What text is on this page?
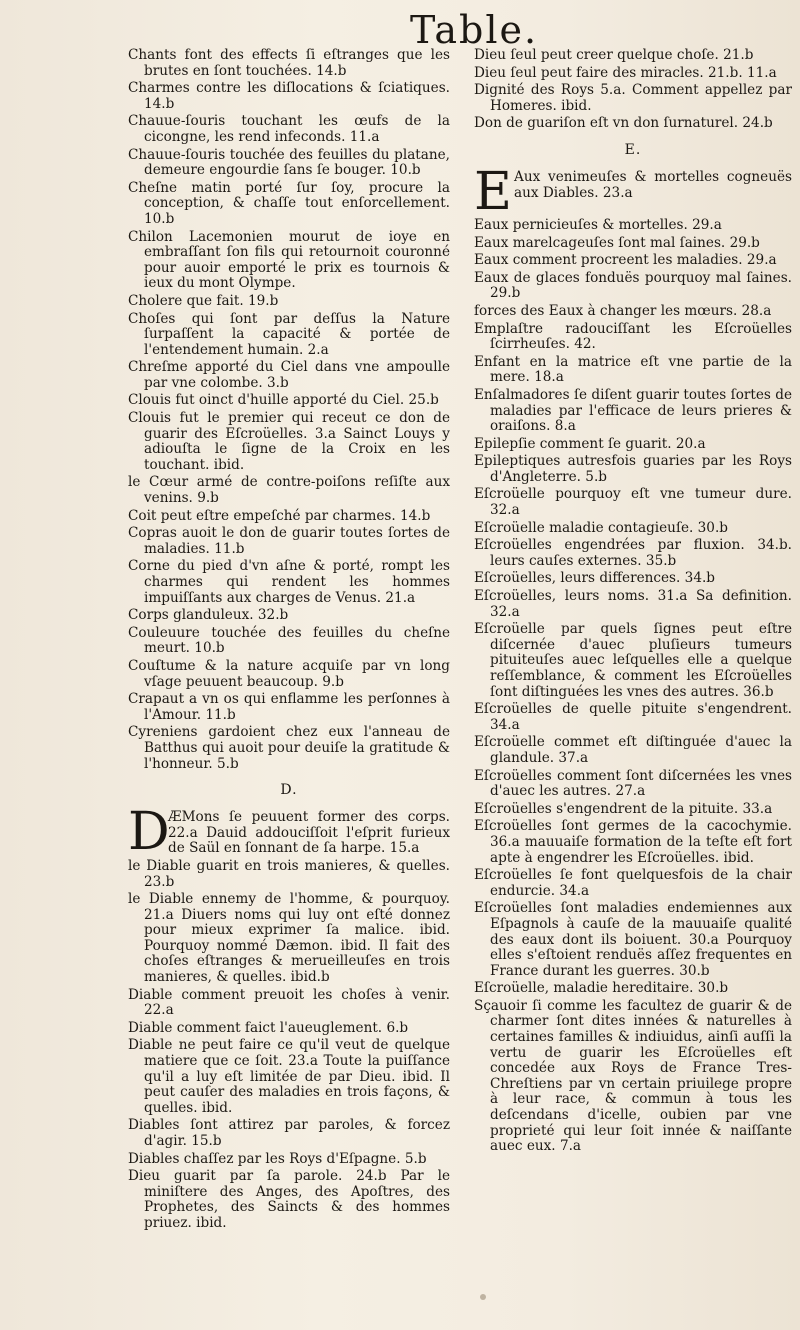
Table.
Chants font des effects ſi eſtranges que les brutes en ſont touchées. 14.b
Charmes contre les diſlocations & ſciatiques. 14.b
Chauue-ſouris touchant les œufs de la cicongne, les rend infeconds. 11.a
Chauue-ſouris touchée des feuilles du platane, demeure engourdie ſans ſe bouger. 10.b
Cheſne matin porté ſur ſoy, procure la conception, & chaſſe tout enſorcellement. 10.b
Chilon Lacemonien mourut de ioye en embraſſant ſon fils qui retournoit couronné pour auoir emporté le prix es tournois & ieux du mont Olympe.
Cholere que fait. 19.b
Choſes qui ſont par deſſus la Nature ſurpaſſent la capacité & portée de l'entendement humain. 2.a
Chreſme apporté du Ciel dans vne ampoulle par vne colombe. 3.b
Clouis fut oinct d'huille apporté du Ciel. 25.b
Clouis fut le premier qui receut ce don de guarir des Eſcroüelles. 3.a Sainct Louys y adiouſta le ſigne de la Croix en les touchant. ibid.
le Cœur armé de contre-poiſons reſiſte aux venins. 9.b
Coit peut eſtre empeſché par charmes. 14.b
Copras auoit le don de guarir toutes ſortes de maladies. 11.b
Corne du pied d'vn aſne & porté, rompt les charmes qui rendent les hommes impuiſſants aux charges de Venus. 21.a
Corps glanduleux. 32.b
Couleuure touchée des feuilles du cheſne meurt. 10.b
Couſtume & la nature acquiſe par vn long vſage peuuent beaucoup. 9.b
Crapaut a vn os qui enflamme les perſonnes à l'Amour. 11.b
Cyreniens gardoient chez eux l'anneau de Batthus qui auoit pour deuiſe la gratitude & l'honneur. 5.b
D.
D
ÆMons ſe peuuent former des corps. 22.a Dauid addouciſſoit l'eſprit furieux de Saül en ſonnant de ſa harpe. 15.a
le Diable guarit en trois manieres, & quelles. 23.b
le Diable ennemy de l'homme, & pourquoy. 21.a Diuers noms qui luy ont eſté donnez pour mieux exprimer ſa malice. ibid. Pourquoy nommé Dæmon. ibid. Il fait des choſes eſtranges & merueilleuſes en trois manieres, & quelles. ibid.b
Diable comment preuoit les choſes à venir. 22.a
Diable comment faict l'aueuglement. 6.b
Diable ne peut faire ce qu'il veut de quelque matiere que ce ſoit. 23.a Toute la puiſſance qu'il a luy eſt limitée de par Dieu. ibid. Il peut cauſer des maladies en trois façons, & quelles. ibid.
Diables ſont attirez par paroles, & forcez d'agir. 15.b
Diables chaſſez par les Roys d'Eſpagne. 5.b
Dieu guarit par ſa parole. 24.b Par le miniſtere des Anges, des Apoſtres, des Prophetes, des Saincts & des hommes priuez. ibid.
Dieu ſeul peut creer quelque choſe. 21.b
Dieu ſeul peut faire des miracles. 21.b. 11.a
Dignité des Roys 5.a. Comment appellez par Homeres. ibid.
Don de guariſon eſt vn don ſurnaturel. 24.b
E.
E Aux venimeuſes & mortelles cogneuës aux Diables. 23.a
Eaux pernicieuſes & mortelles. 29.a
Eaux marelcageuſes ſont mal ſaines. 29.b
Eaux comment procreent les maladies. 29.a
Eaux de glaces fonduës pourquoy mal ſaines. 29.b
forces des Eaux à changer les mœurs. 28.a
Emplaſtre radouciſſant les Eſcroüelles ſcirrheuſes. 42.
Enfant en la matrice eſt vne partie de la mere. 18.a
Enſalmadores ſe diſent guarir toutes ſortes de maladies par l'efficace de leurs prieres & oraiſons. 8.a
Epilepſie comment ſe guarit. 20.a
Epileptiques autresfois guaries par les Roys d'Angleterre. 5.b
Eſcroüelle pourquoy eſt vne tumeur dure. 32.a
Eſcroüelle maladie contagieuſe. 30.b
Eſcroüelles engendrées par fluxion. 34.b. leurs cauſes externes. 35.b
Eſcroüelles, leurs differences. 34.b
Eſcroüelles, leurs noms. 31.a Sa definition. 32.a
Eſcroüelle par quels ſignes peut eſtre diſcernée d'auec pluſieurs tumeurs pituiteuſes auec leſquelles elle a quelque reſſemblance, & comment les Eſcroüelles ſont diſtinguées les vnes des autres. 36.b
Eſcroüelles de quelle pituite s'engendrent. 34.a
Eſcroüelle commet eſt diſtinguée d'auec la glandule. 37.a
Eſcroüelles comment ſont diſcernées les vnes d'auec les autres. 27.a
Eſcroüelles s'engendrent de la pituite. 33.a
Eſcroüelles ſont germes de la cacochymie. 36.a mauuaiſe formation de la teſte eſt fort apte à engendrer les Eſcroüelles. ibid.
Eſcroüelles ſe font quelquesfois de la chair endurcie. 34.a
Eſcroüelles ſont maladies endemiennes aux Eſpagnols à cauſe de la mauuaiſe qualité des eaux dont ils boiuent. 30.a Pourquoy elles s'eſtoient renduës aſſez frequentes en France durant les guerres. 30.b
Eſcroüelle, maladie hereditaire. 30.b
Sçauoir ſi comme les facultez de guarir & de charmer ſont dites innées & naturelles à certaines familles & indiuidus, ainſi auſſi la vertu de guarir les Eſcroüelles eſt concedée aux Roys de France Tres-Chreſtiens par vn certain priuilege propre à leur race, & commun à tous les deſcendans d'icelle, oubien par vne proprieté qui leur ſoit innée & naiſſante auec eux. 7.a
